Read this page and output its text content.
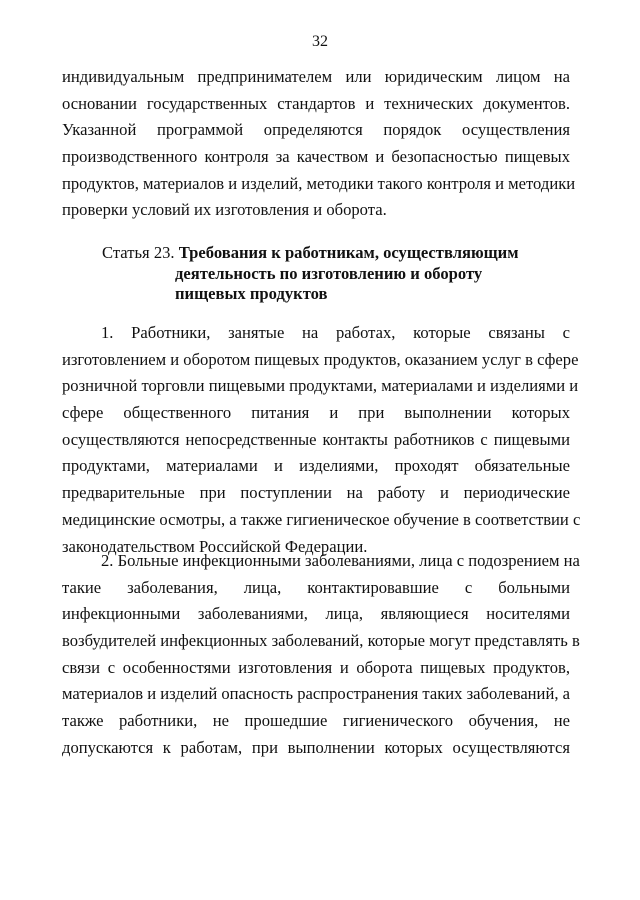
32
индивидуальным предпринимателем или юридическим лицом на
основании государственных стандартов и технических документов.
Указанной программой определяются порядок осуществления
производственного контроля за качеством и безопасностью пищевых
продуктов, материалов и изделий, методики такого контроля и методики
проверки условий их изготовления и оборота.
Статья 23. Требования к работникам, осуществляющим
деятельность по изготовлению и обороту
пищевых продуктов
1. Работники, занятые на работах, которые связаны с
изготовлением и оборотом пищевых продуктов, оказанием услуг в сфере
розничной торговли пищевыми продуктами, материалами и изделиями и
сфере общественного питания и при выполнении которых
осуществляются непосредственные контакты работников с пищевыми
продуктами, материалами и изделиями, проходят обязательные
предварительные при поступлении на работу и периодические
медицинские осмотры, а также гигиеническое обучение в соответствии с
законодательством Российской Федерации.
2. Больные инфекционными заболеваниями, лица с подозрением на
такие заболевания, лица, контактировавшие с больными
инфекционными заболеваниями, лица, являющиеся носителями
возбудителей инфекционных заболеваний, которые могут представлять в
связи с особенностями изготовления и оборота пищевых продуктов,
материалов и изделий опасность распространения таких заболеваний, а
также работники, не прошедшие гигиенического обучения, не
допускаются к работам, при выполнении которых осуществляются
